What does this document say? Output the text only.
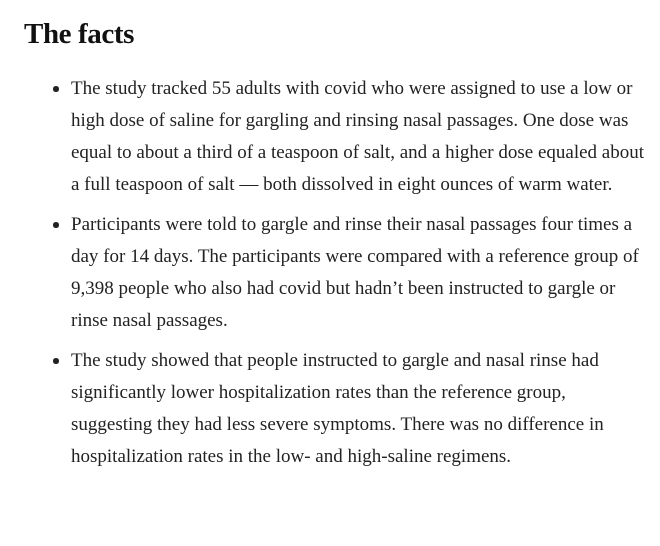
The facts
The study tracked 55 adults with covid who were assigned to use a low or high dose of saline for gargling and rinsing nasal passages. One dose was equal to about a third of a teaspoon of salt, and a higher dose equaled about a full teaspoon of salt — both dissolved in eight ounces of warm water.
Participants were told to gargle and rinse their nasal passages four times a day for 14 days. The participants were compared with a reference group of 9,398 people who also had covid but hadn’t been instructed to gargle or rinse nasal passages.
The study showed that people instructed to gargle and nasal rinse had significantly lower hospitalization rates than the reference group, suggesting they had less severe symptoms. There was no difference in hospitalization rates in the low- and high-saline regimens.
